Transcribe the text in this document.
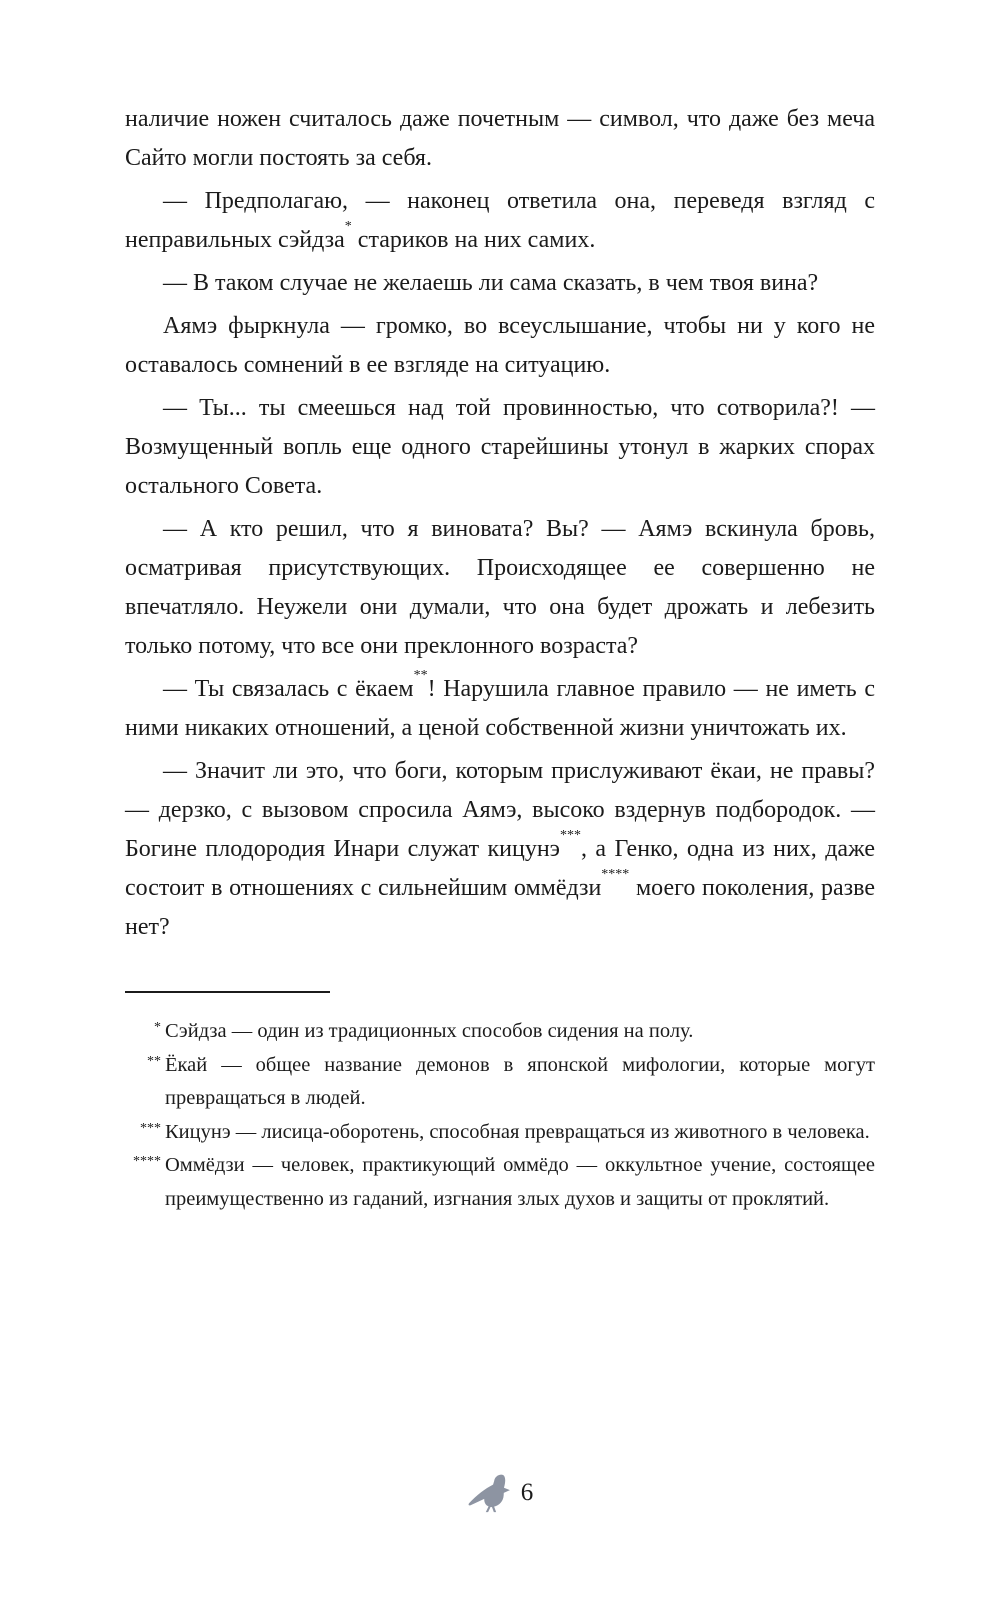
наличие ножен считалось даже почетным — символ, что даже без меча Сайто могли постоять за себя.

— Предполагаю, — наконец ответила она, переведя взгляд с неправильных сэйдза* стариков на них самих.

— В таком случае не желаешь ли сама сказать, в чем твоя вина?

Аямэ фыркнула — громко, во всеуслышание, чтобы ни у кого не оставалось сомнений в ее взгляде на ситуацию.

— Ты... ты смеешься над той провинностью, что сотворила?! — Возмущенный вопль еще одного старейшины утонул в жарких спорах остального Совета.

— А кто решил, что я виновата? Вы? — Аямэ вскинула бровь, осматривая присутствующих. Происходящее ее совершенно не впечатляло. Неужели они думали, что она будет дрожать и лебезить только потому, что все они преклонного возраста?

— Ты связалась с ёкаем**! Нарушила главное правило — не иметь с ними никаких отношений, а ценой собственной жизни уничтожать их.

— Значит ли это, что боги, которым прислуживают ёкаи, не правы? — дерзко, с вызовом спросила Аямэ, высоко вздернув подбородок. — Богине плодородия Инари служат кицунэ***, а Генко, одна из них, даже состоит в отношениях с сильнейшим оммёдзи**** моего поколения, разве нет?

* Сэйдза — один из традиционных способов сидения на полу.

** Ёкай — общее название демонов в японской мифологии, которые могут превращаться в людей.

*** Кицунэ — лисица-оборотень, способная превращаться из животного в человека.

**** Оммёдзи — человек, практикующий оммёдо — оккультное учение, состоящее преимущественно из гаданий, изгнания злых духов и защиты от проклятий.

6
